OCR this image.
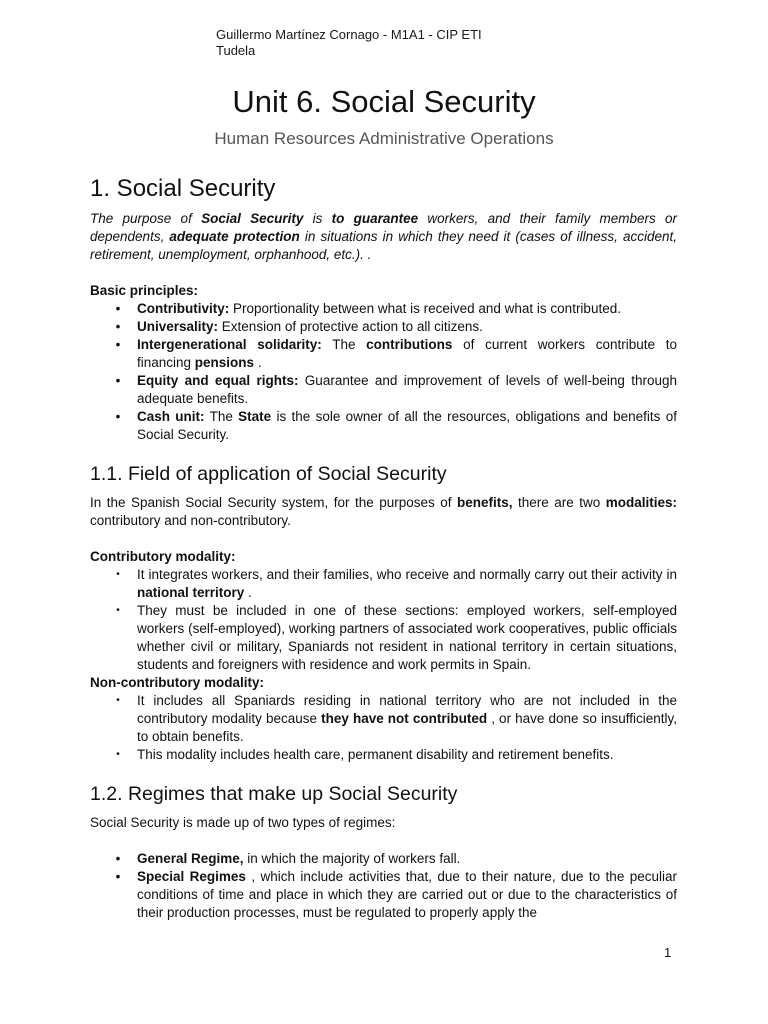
Guillermo Martínez Cornago - M1A1 - CIP ETI
Tudela
Unit 6. Social Security
Human Resources Administrative Operations
1. Social Security

The purpose of Social Security is to guarantee workers, and their family members or dependents, adequate protection in situations in which they need it (cases of illness, accident, retirement, unemployment, orphanhood, etc.). .

Basic principles:
• Contributivity: Proportionality between what is received and what is contributed.
• Universality: Extension of protective action to all citizens.
• Intergenerational solidarity: The contributions of current workers contribute to financing pensions .
• Equity and equal rights: Guarantee and improvement of levels of well-being through adequate benefits.
• Cash unit: The State is the sole owner of all the resources, obligations and benefits of Social Security.
1.1. Field of application of Social Security

In the Spanish Social Security system, for the purposes of benefits, there are two modalities: contributory and non-contributory.

Contributory modality:
• It integrates workers, and their families, who receive and normally carry out their activity in national territory .
• They must be included in one of these sections: employed workers, self-employed workers (self-employed), working partners of associated work cooperatives, public officials whether civil or military, Spaniards not resident in national territory in certain situations, students and foreigners with residence and work permits in Spain.
Non-contributory modality:
• It includes all Spaniards residing in national territory who are not included in the contributory modality because they have not contributed , or have done so insufficiently, to obtain benefits.
• This modality includes health care, permanent disability and retirement benefits.
1.2. Regimes that make up Social Security

Social Security is made up of two types of regimes:

• General Regime, in which the majority of workers fall.
• Special Regimes , which include activities that, due to their nature, due to the peculiar conditions of time and place in which they are carried out or due to the characteristics of their production processes, must be regulated to properly apply the
1
